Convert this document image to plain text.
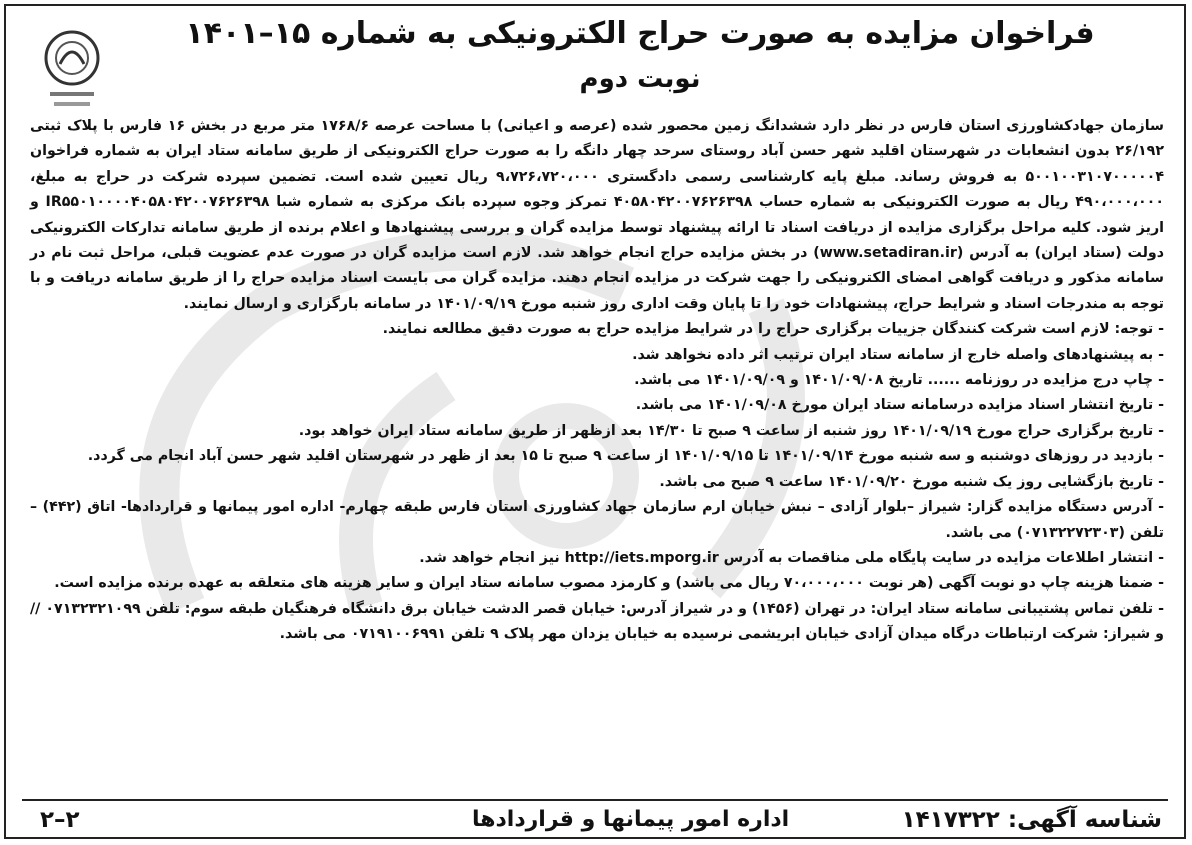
فراخوان مزایده به صورت حراج الکترونیکی به شماره ۱۵–۱۴۰۱
نوبت دوم

سازمان جهادکشاورزی استان فارس در نظر دارد ششدانگ زمین محصور شده (عرصه و اعیانی) با مساحت عرصه ۱۷۶۸/۶ متر مربع در بخش ۱۶ فارس با پلاک ثبتی ۲۶/۱۹۲ بدون انشعابات در شهرستان اقلید شهر حسن آباد روستای سرحد چهار دانگه را به صورت حراج الکترونیکی از طریق سامانه ستاد ایران به شماره فراخوان ۵۰۰۱۰۰۳۱۰۷۰۰۰۰۰۴ به فروش رساند. مبلغ پایه کارشناسی رسمی دادگستری ۹،۷۲۶،۷۲۰،۰۰۰ ریال تعیین شده است. تضمین سپرده شرکت در حراج به مبلغ، ۴۹۰،۰۰۰،۰۰۰ ریال به صورت الکترونیکی به شماره حساب ۴۰۵۸۰۴۲۰۰۷۶۲۶۳۹۸ تمرکز وجوه سپرده بانک مرکزی به شماره شبا IR۵۵۰۱۰۰۰۰۴۰۵۸۰۴۲۰۰۷۶۲۶۳۹۸ و اریز شود. کلیه مراحل برگزاری مزایده از دریافت اسناد تا ارائه پیشنهاد توسط مزایده گران و بررسی پیشنهادها و اعلام برنده از طریق سامانه تدارکات الکترونیکی دولت (ستاد ایران) به آدرس (www.setadiran.ir) در بخش مزایده حراج انجام خواهد شد. لازم است مزایده گران در صورت عدم عضویت قبلی، مراحل ثبت نام در سامانه مذکور و دریافت گواهی امضای الکترونیکی را جهت شرکت در مزایده انجام دهند. مزایده گران می بایست اسناد مزایده حراج را از طریق سامانه دریافت و با توجه به مندرجات اسناد و شرایط حراج، پیشنهادات خود را تا پایان وقت اداری روز شنبه مورخ ۱۴۰۱/۰۹/۱۹ در سامانه بارگزاری و ارسال نمایند.

- توجه: لازم است شرکت کنندگان جزییات برگزاری حراج را در شرایط مزایده حراج به صورت دقیق مطالعه نمایند.

- به پیشنهادهای واصله خارج از سامانه ستاد ایران ترتیب اثر داده نخواهد شد.

- چاپ درج مزایده در روزنامه ...... تاریخ ۱۴۰۱/۰۹/۰۸ و ۱۴۰۱/۰۹/۰۹ می باشد.

- تاریخ انتشار اسناد مزایده درسامانه ستاد ایران مورخ ۱۴۰۱/۰۹/۰۸ می باشد.

- تاریخ برگزاری حراج مورخ ۱۴۰۱/۰۹/۱۹ روز شنبه از ساعت ۹ صبح تا ۱۴/۳۰ بعد ازظهر از طریق سامانه ستاد ایران خواهد بود.

- بازدید در روزهای دوشنبه و سه شنبه مورخ ۱۴۰۱/۰۹/۱۴ تا ۱۴۰۱/۰۹/۱۵ از ساعت ۹ صبح تا ۱۵ بعد از ظهر در شهرستان اقلید شهر حسن آباد انجام می گردد.

- تاریخ بازگشایی روز یک شنبه مورخ ۱۴۰۱/۰۹/۲۰ ساعت ۹ صبح می باشد.

- آدرس دستگاه مزایده گزار: شیراز –بلوار آزادی – نبش خیابان ارم سازمان جهاد کشاورزی استان فارس طبقه چهارم- اداره امور پیمانها و قراردادها- اتاق (۴۴۲) – تلفن (۰۷۱۳۲۲۷۲۳۰۳) می باشد.

- انتشار اطلاعات مزایده در سایت پایگاه ملی مناقصات به آدرس http://iets.mporg.ir نیز انجام خواهد شد.

- ضمنا هزینه چاپ دو نوبت آگهی (هر نوبت ۷۰،۰۰۰،۰۰۰ ریال می باشد) و کارمزد مصوب سامانه ستاد ایران و سایر هزینه های متعلقه به عهده برنده مزایده است.

- تلفن تماس پشتیبانی سامانه ستاد ایران: در تهران (۱۴۵۶) و در شیراز آدرس: خیابان قصر الدشت خیابان برق دانشگاه فرهنگیان طبقه سوم: تلفن ۰۷۱۳۲۳۲۱۰۹۹ // و شیراز: شرکت ارتباطات درگاه میدان آزادی خیابان ابریشمی نرسیده به خیابان یزدان مهر پلاک ۹ تلفن ۰۷۱۹۱۰۰۶۹۹۱ می باشد.

شناسه آگهی: ۱۴۱۷۳۲۲
اداره امور پیمانها و قراردادها
۲–۲
